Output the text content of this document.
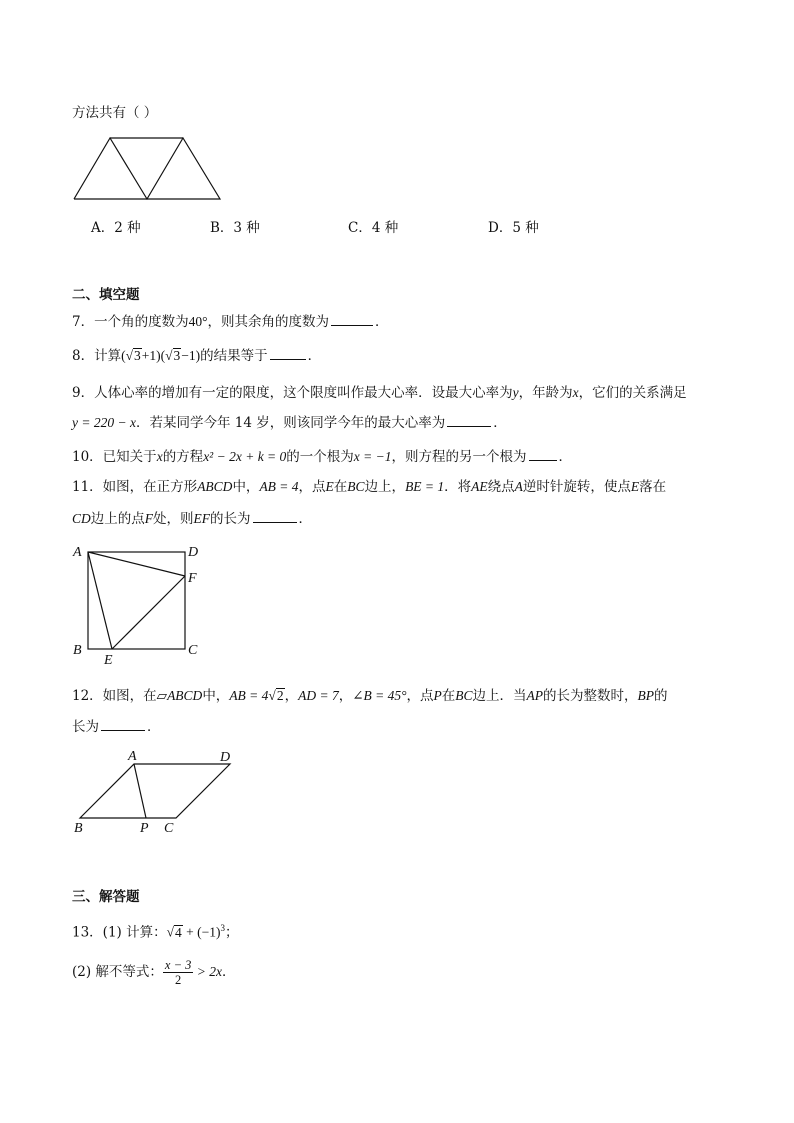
方法共有（ ）
A．2 种	B．3 种	C．4 种	D．5 种
二、填空题
7．一个角的度数为40°，则其余角的度数为	．
8．计算(√3+1)(√3−1)的结果等于	．
9．人体心率的增加有一定的限度，这个限度叫作最大心率．设最大心率为y，年龄为x，它们的关系满足
y = 220 − x．若某同学今年 14 岁，则该同学今年的最大心率为	．
10．已知关于x的方程x² − 2x + k = 0的一个根为x = −1，则方程的另一个根为 ．
11．如图，在正方形ABCD中，AB = 4，点E在BC边上，BE = 1．将AE绕点A逆时针旋转，使点E落在
CD边上的点F处，则EF的长为	．
A	D
F
B	C
E
12．如图，在▱ABCD中，AB = 4√2，AD = 7，∠B = 45°，点P在BC边上．当AP的长为整数时，BP的
长为	．
A	D
B	P C
三、解答题
13．(1) 计算：$√4 + (-1)^3$；
(2) 解不等式： $\frac{x - 3}{2} > 2x$．
